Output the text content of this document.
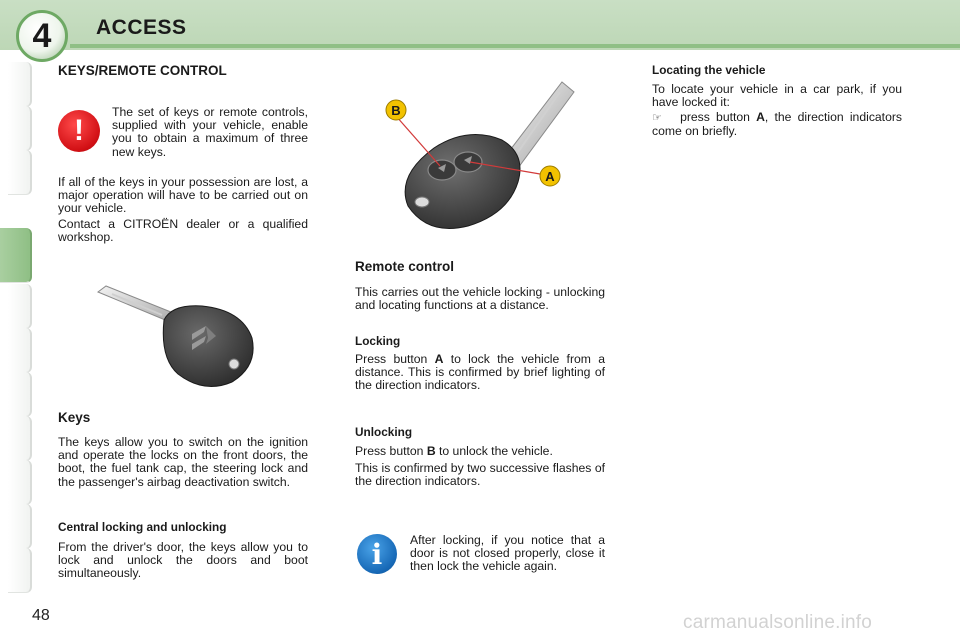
4 ACCESS
KEYS/REMOTE CONTROL
!
The set of keys or remote controls, supplied with your vehicle, enable you to obtain a maximum of three new keys.
If all of the keys in your possession are lost, a major operation will have to be carried out on your vehicle.
Contact a CITROËN dealer or a qualified workshop.
Keys
The keys allow you to switch on the ignition and operate the locks on the front doors, the boot, the fuel tank cap, the steering lock and the passenger's airbag deactivation switch.
Central locking and unlocking
From the driver's door, the keys allow you to lock and unlock the doors and boot simultaneously.
B
A
Remote control
This carries out the vehicle locking - unlocking and locating functions at a distance.
Locking
Press button A to lock the vehicle from a distance. This is confirmed by brief lighting of the direction indicators.
Unlocking
Press button B to unlock the vehicle.
This is confirmed by two successive flashes of the direction indicators.
i	After locking, if you notice that a door is not closed properly, close it then lock the vehicle again.
Locating the vehicle
To locate your vehicle in a car park, if you have locked it:
☞ press button A, the direction indicators come on briefly.
48	carmanualsonline.info
